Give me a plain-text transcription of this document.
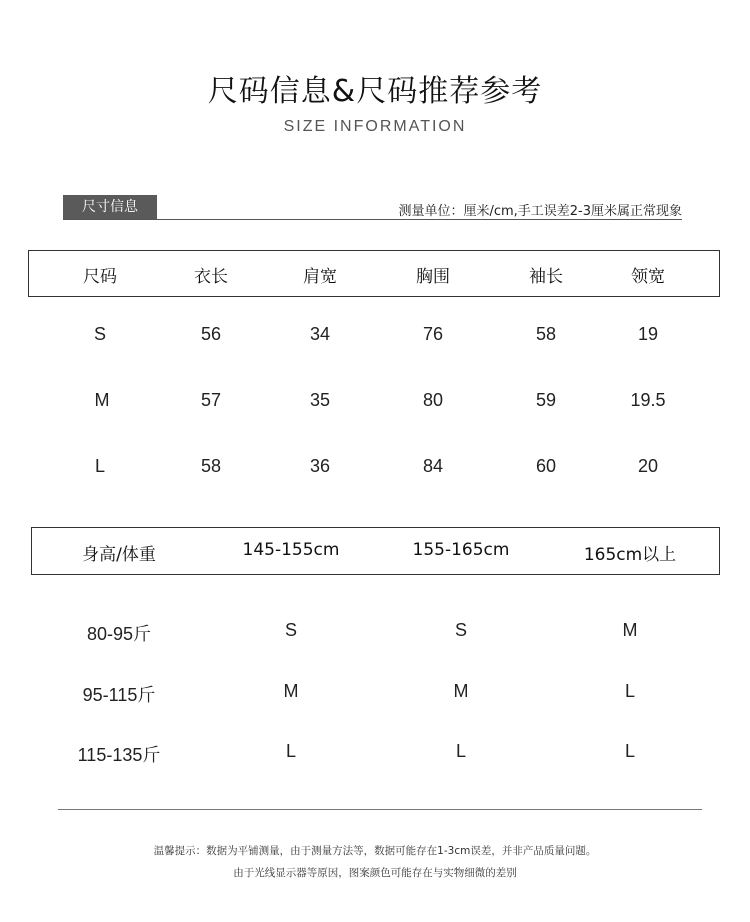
尺码信息&尺码推荐参考
SIZE INFORMATION
尺寸信息	测量单位：厘米/cm,手工误差2-3厘米属正常现象
尺码	衣长	肩宽	胸围	袖长	领宽
S	56	34	76	58	19
M	57	35	80	59	19.5
L	58	36	84	60	20
身高/体重	145-155cm	155-165cm	165cm以上
80-95斤	S	S	M
95-115斤	M	M	L
115-135斤	L	L	L
温馨提示：数据为平铺测量，由于测量方法等，数据可能存在1-3cm误差，并非产品质量问题。
由于光线显示器等原因，图案颜色可能存在与实物细微的差别
